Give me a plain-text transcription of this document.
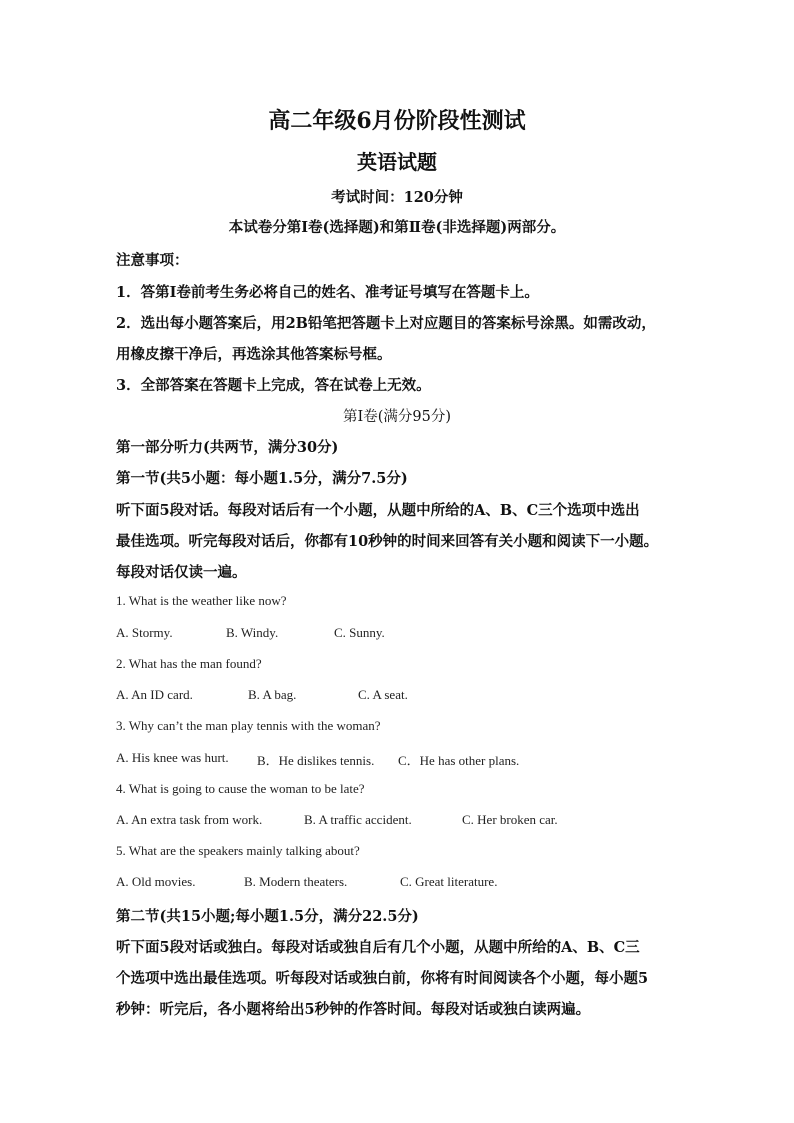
高二年级6月份阶段性测试
英语试题
考试时间：120分钟
本试卷分第Ⅰ卷(选择题)和第Ⅱ卷(非选择题)两部分。
注意事项：
1．答第Ⅰ卷前考生务必将自己的姓名、准考证号填写在答题卡上。
2．选出每小题答案后，用2B铅笔把答题卡上对应题目的答案标号涂黑。如需改动，
用橡皮擦干净后，再选涂其他答案标号框。
3．全部答案在答题卡上完成，答在试卷上无效。
第Ⅰ卷(满分95分)
第一部分听力(共两节，满分30分)
第一节(共5小题：每小题1.5分，满分7.5分)
听下面5段对话。每段对话后有一个小题，从题中所给的A、B、C三个选项中选出
最佳选项。听完每段对话后，你都有10秒钟的时间来回答有关小题和阅读下一小题。
每段对话仅读一遍。
1. What is the weather like now?
A. Stormy.	B. Windy.	C. Sunny.
2. What has the man found?
A. An ID card.	B. A bag.	C. A seat.
3. Why can’t the man play tennis with the woman?
A. His knee was hurt. B．He dislikes tennis. C．He has other plans.
4. What is going to cause the woman to be late?
A. An extra task from work.	B. A traffic accident.	C. Her broken car.
5. What are the speakers mainly talking about?
A. Old movies.	B. Modern theaters.	C. Great literature.
第二节(共15小题;每小题1.5分，满分22.5分)
听下面5段对话或独白。每段对话或独自后有几个小题，从题中所给的A、B、C三
个选项中选出最佳选项。听每段对话或独白前，你将有时间阅读各个小题，每小题5
秒钟：听完后，各小题将给出5秒钟的作答时间。每段对话或独白读两遍。
